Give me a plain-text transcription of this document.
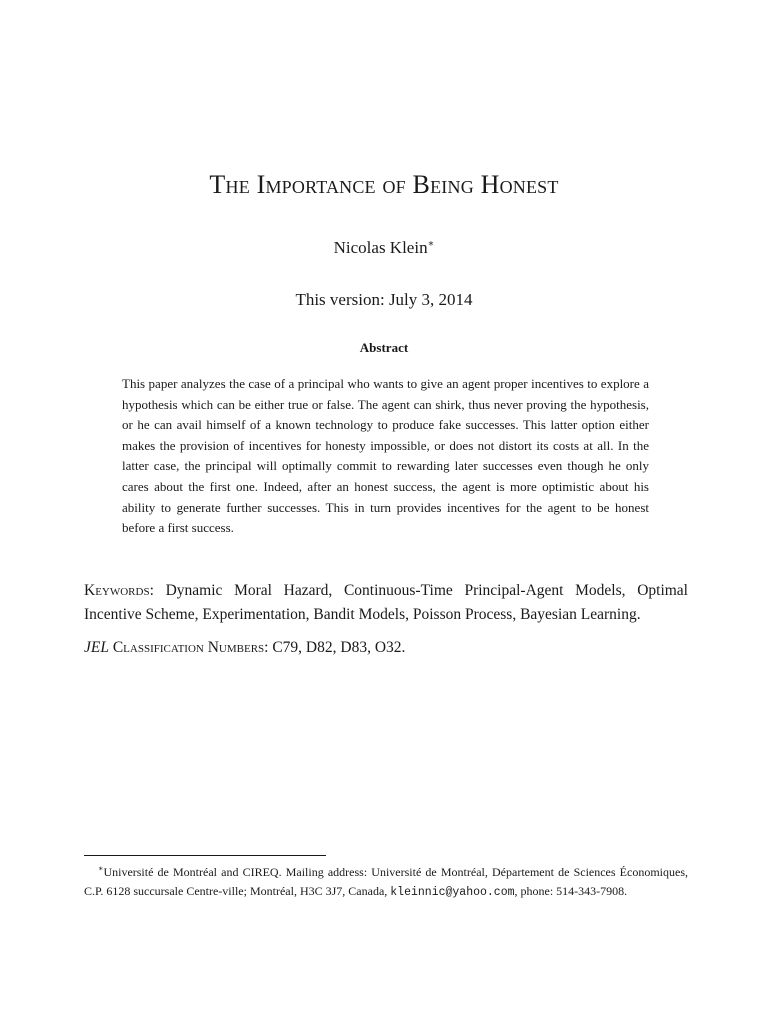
The Importance of Being Honest
Nicolas Klein∗
This version: July 3, 2014
Abstract
This paper analyzes the case of a principal who wants to give an agent proper incentives to explore a hypothesis which can be either true or false. The agent can shirk, thus never proving the hypothesis, or he can avail himself of a known technology to produce fake successes. This latter option either makes the provision of incentives for honesty impossible, or does not distort its costs at all. In the latter case, the principal will optimally commit to rewarding later successes even though he only cares about the first one. Indeed, after an honest success, the agent is more optimistic about his ability to generate further successes. This in turn provides incentives for the agent to be honest before a first success.
Keywords: Dynamic Moral Hazard, Continuous-Time Principal-Agent Models, Optimal Incentive Scheme, Experimentation, Bandit Models, Poisson Process, Bayesian Learning.
JEL Classification Numbers: C79, D82, D83, O32.
∗Université de Montréal and CIREQ. Mailing address: Université de Montréal, Département de Sciences Économiques, C.P. 6128 succursale Centre-ville; Montréal, H3C 3J7, Canada, kleinnic@yahoo.com, phone: 514-343-7908.
